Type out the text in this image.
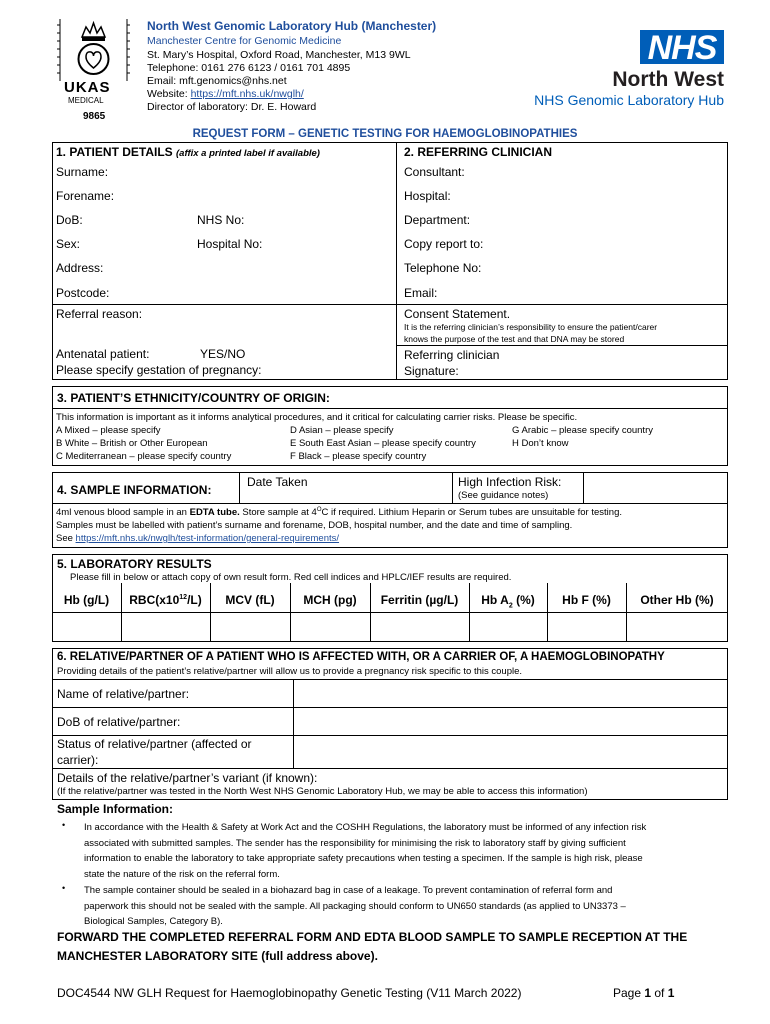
UKAS
MEDICAL
9865
North West Genomic Laboratory Hub (Manchester)
Manchester Centre for Genomic Medicine
St. Mary’s Hospital, Oxford Road, Manchester, M13 9WL
Telephone: 0161 276 6123 / 0161 701 4895
Email: mft.genomics@nhs.net
Website: https://mft.nhs.uk/nwglh/
Director of laboratory: Dr. E. Howard
NHS
North West
NHS Genomic Laboratory Hub
REQUEST FORM – GENETIC TESTING FOR HAEMOGLOBINOPATHIES
1. PATIENT DETAILS (affix a printed label if available)
Surname:
Forename:
DoB:	NHS No:
Sex:	Hospital No:
Address:
Postcode:
Referral reason:
Antenatal patient:	YES/NO
Please specify gestation of pregnancy:
2. REFERRING CLINICIAN
Consultant:
Hospital:
Department:
Copy report to:
Telephone No:
Email:
Consent Statement.
It is the referring clinician’s responsibility to ensure the patient/carer
knows the purpose of the test and that DNA may be stored
Referring clinician
Signature:
3. PATIENT’S ETHNICITY/COUNTRY OF ORIGIN:
This information is important as it informs analytical procedures, and it critical for calculating carrier risks. Please be specific.
A Mixed – please specify	D Asian – please specify	G Arabic – please specify country
B White – British or Other European	E South East Asian – please specify country	H Don’t know
C Mediterranean – please specify country	F Black – please specify country
4. SAMPLE INFORMATION:
Date Taken	High Infection Risk:
(See guidance notes)
4ml venous blood sample in an EDTA tube. Store sample at $4^OC$ if required. Lithium Heparin or Serum tubes are unsuitable for testing.
Samples must be labelled with patient’s surname and forename, DOB, hospital number, and the date and time of sampling.
See https://mft.nhs.uk/nwglh/test-information/general-requirements/
5. LABORATORY RESULTS
Please fill in below or attach copy of own result form. Red cell indices and HPLC/IEF results are required.
Hb (g/L)	$RBC(x10^{12}/L)$	MCV (fL)	MCH (pg)	Ferritin (µg/L)	Hb $A_2$ (%)	Hb F (%)	Other Hb (%)
6. RELATIVE/PARTNER OF A PATIENT WHO IS AFFECTED WITH, OR A CARRIER OF, A HAEMOGLOBINOPATHY
Providing details of the patient’s relative/partner will allow us to provide a pregnancy risk specific to this couple.
Name of relative/partner:
DoB of relative/partner:
Status of relative/partner (affected or
carrier):
Details of the relative/partner’s variant (if known):
(If the relative/partner was tested in the North West NHS Genomic Laboratory Hub, we may be able to access this information)
Sample Information:
• In accordance with the Health & Safety at Work Act and the COSHH Regulations, the laboratory must be informed of any infection risk
associated with submitted samples. The sender has the responsibility for minimising the risk to laboratory staff by giving sufficient
information to enable the laboratory to take appropriate safety precautions when testing a specimen. If the sample is high risk, please
state the nature of the risk on the referral form.
• The sample container should be sealed in a biohazard bag in case of a leakage. To prevent contamination of referral form and
paperwork this should not be sealed with the sample. All packaging should conform to UN650 standards (as applied to UN3373 –
Biological Samples, Category B).
FORWARD THE COMPLETED REFERRAL FORM AND EDTA BLOOD SAMPLE TO SAMPLE RECEPTION AT THE
MANCHESTER LABORATORY SITE (full address above).
DOC4544 NW GLH Request for Haemoglobinopathy Genetic Testing (V11 March 2022)	Page 1 of 1
